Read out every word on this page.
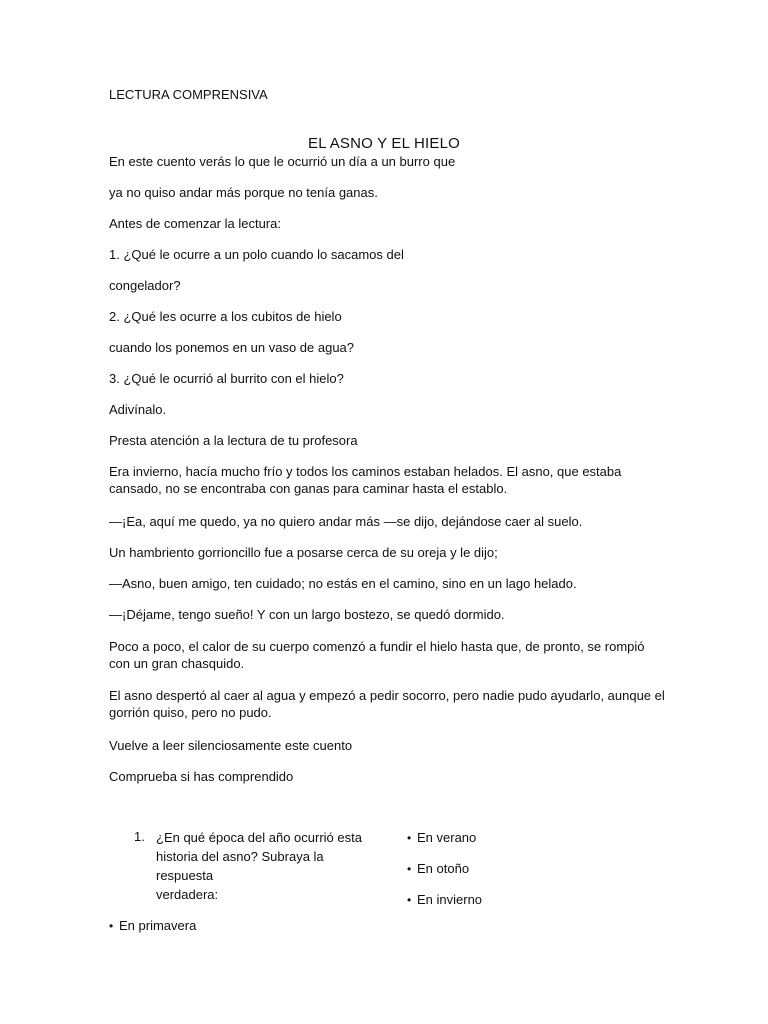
LECTURA COMPRENSIVA

EL ASNO Y EL HIELO

En este cuento verás lo que le ocurrió un día a un burro que

ya no quiso andar más porque no tenía ganas.

Antes de comenzar la lectura:

1. ¿Qué le ocurre a un polo cuando lo sacamos del

congelador?

2. ¿Qué les ocurre a los cubitos de hielo

cuando los ponemos en un vaso de agua?

3. ¿Qué le ocurrió al burrito con el hielo?

Adivínalo.

Presta atención a la lectura de tu profesora

Era invierno, hacía mucho frío y todos los caminos estaban helados. El asno, que estaba cansado, no se encontraba con ganas para caminar hasta el establo.

—¡Ea, aquí me quedo, ya no quiero andar más —se dijo, dejándose caer al suelo.

Un hambriento gorrioncillo fue a posarse cerca de su oreja y le dijo;

—Asno, buen amigo, ten cuidado; no estás en el camino, sino en un lago helado.

—¡Déjame, tengo sueño! Y con un largo bostezo, se quedó dormido.

Poco a poco, el calor de su cuerpo comenzó a fundir el hielo hasta que, de pronto, se rompió con un gran chasquido.

El asno despertó al caer al agua y empezó a pedir socorro, pero nadie pudo ayudarlo, aunque el gorrión quiso, pero no pudo.

Vuelve a leer silenciosamente este cuento

Comprueba si has comprendido

1. ¿En qué época del año ocurrió esta
historia del asno? Subraya la
respuesta
verdadera:
• En verano
• En otoño
• En invierno
• En primavera
